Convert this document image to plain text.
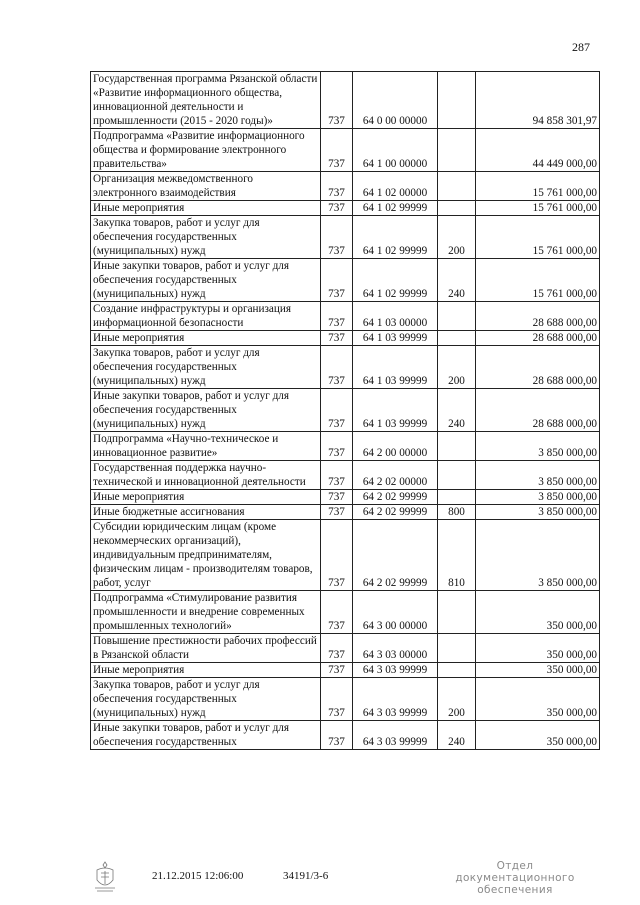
287
Государственная программа Рязанской области «Развитие информационного общества, инновационной деятельности и промышленности (2015 - 2020 годы)»	737	64 0 00 00000		94 858 301,97
Подпрограмма «Развитие информационного общества и формирование электронного правительства»	737	64 1 00 00000		44 449 000,00
Организация межведомственного электронного взаимодействия	737	64 1 02 00000		15 761 000,00
Иные мероприятия	737	64 1 02 99999		15 761 000,00
Закупка товаров, работ и услуг для обеспечения государственных (муниципальных) нужд	737	64 1 02 99999	200	15 761 000,00
Иные закупки товаров, работ и услуг для обеспечения государственных (муниципальных) нужд	737	64 1 02 99999	240	15 761 000,00
Создание инфраструктуры и организация информационной безопасности	737	64 1 03 00000		28 688 000,00
Иные мероприятия	737	64 1 03 99999		28 688 000,00
Закупка товаров, работ и услуг для обеспечения государственных (муниципальных) нужд	737	64 1 03 99999	200	28 688 000,00
Иные закупки товаров, работ и услуг для обеспечения государственных (муниципальных) нужд	737	64 1 03 99999	240	28 688 000,00
Подпрограмма «Научно-техническое и инновационное развитие»	737	64 2 00 00000		3 850 000,00
Государственная поддержка научно-технической и инновационной деятельности	737	64 2 02 00000		3 850 000,00
Иные мероприятия	737	64 2 02 99999		3 850 000,00
Иные бюджетные ассигнования	737	64 2 02 99999	800	3 850 000,00
Субсидии юридическим лицам (кроме некоммерческих организаций), индивидуальным предпринимателям, физическим лицам - производителям товаров, работ, услуг	737	64 2 02 99999	810	3 850 000,00
Подпрограмма «Стимулирование развития промышленности и внедрение современных промышленных технологий»	737	64 3 00 00000		350 000,00
Повышение престижности рабочих профессий в Рязанской области	737	64 3 03 00000		350 000,00
Иные мероприятия	737	64 3 03 99999		350 000,00
Закупка товаров, работ и услуг для обеспечения государственных (муниципальных) нужд	737	64 3 03 99999	200	350 000,00
Иные закупки товаров, работ и услуг для обеспечения государственных	737	64 3 03 99999	240	350 000,00
21.12.2015 12:06:00	34191/3-6
Отдел документационного обеспечения
